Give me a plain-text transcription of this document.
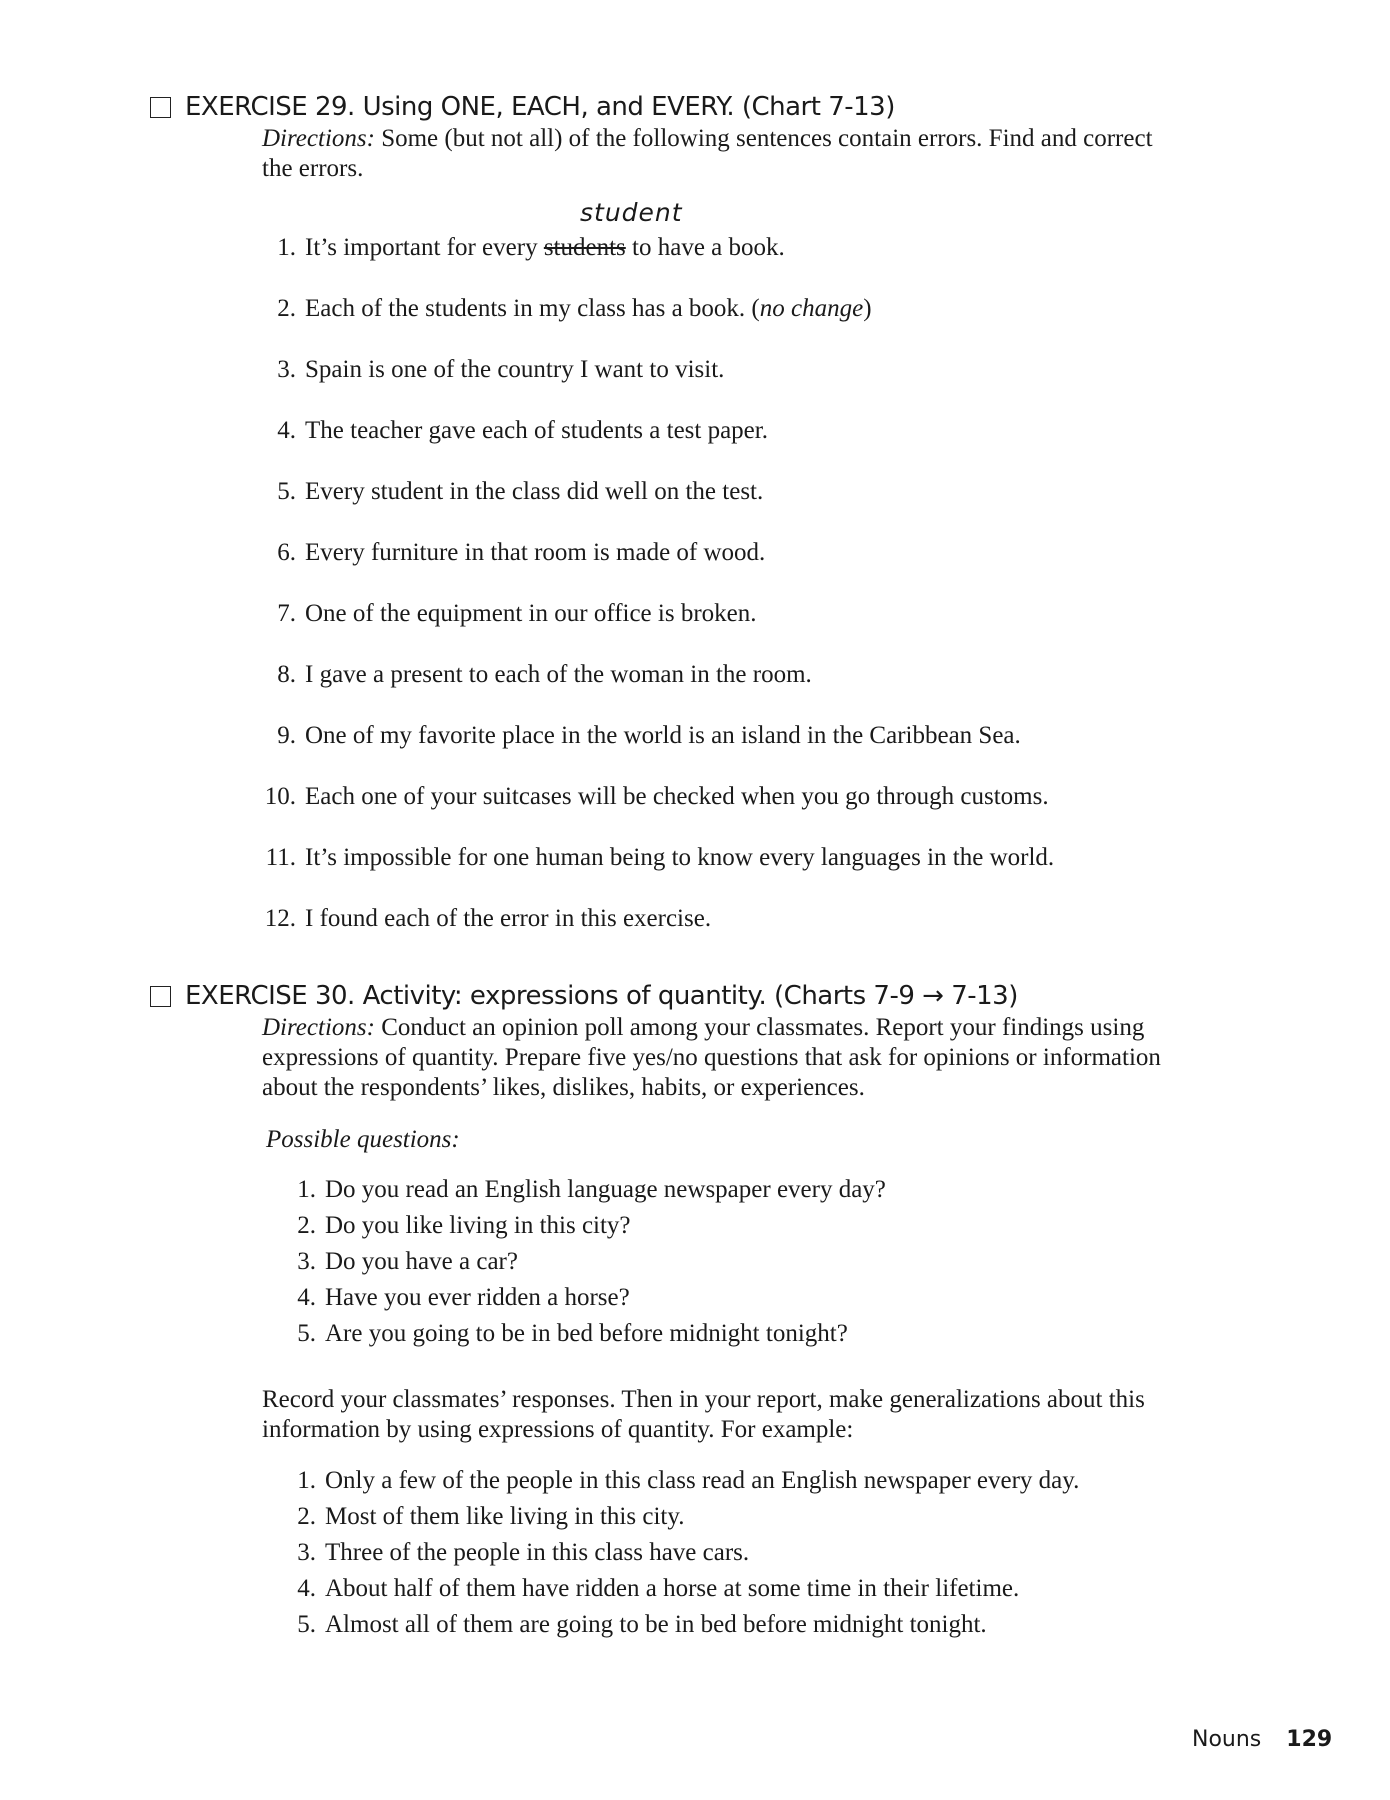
EXERCISE 29. Using ONE, EACH, and EVERY. (Chart 7-13)
Directions: Some (but not all) of the following sentences contain errors. Find and correct
the errors.
student
1. It’s important for every students to have a book.
2. Each of the students in my class has a book. (no change)
3. Spain is one of the country I want to visit.
4. The teacher gave each of students a test paper.
5. Every student in the class did well on the test.
6. Every furniture in that room is made of wood.
7. One of the equipment in our office is broken.
8. I gave a present to each of the woman in the room.
9. One of my favorite place in the world is an island in the Caribbean Sea.
10. Each one of your suitcases will be checked when you go through customs.
11. It’s impossible for one human being to know every languages in the world.
12. I found each of the error in this exercise.
EXERCISE 30. Activity: expressions of quantity. (Charts 7-9 → 7-13)
Directions: Conduct an opinion poll among your classmates. Report your findings using
expressions of quantity. Prepare five yes/no questions that ask for opinions or information
about the respondents’ likes, dislikes, habits, or experiences.
Possible questions:
1. Do you read an English language newspaper every day?
2. Do you like living in this city?
3. Do you have a car?
4. Have you ever ridden a horse?
5. Are you going to be in bed before midnight tonight?
Record your classmates’ responses. Then in your report, make generalizations about this
information by using expressions of quantity. For example:
1. Only a few of the people in this class read an English newspaper every day.
2. Most of them like living in this city.
3. Three of the people in this class have cars.
4. About half of them have ridden a horse at some time in their lifetime.
5. Almost all of them are going to be in bed before midnight tonight.
Nouns 129
